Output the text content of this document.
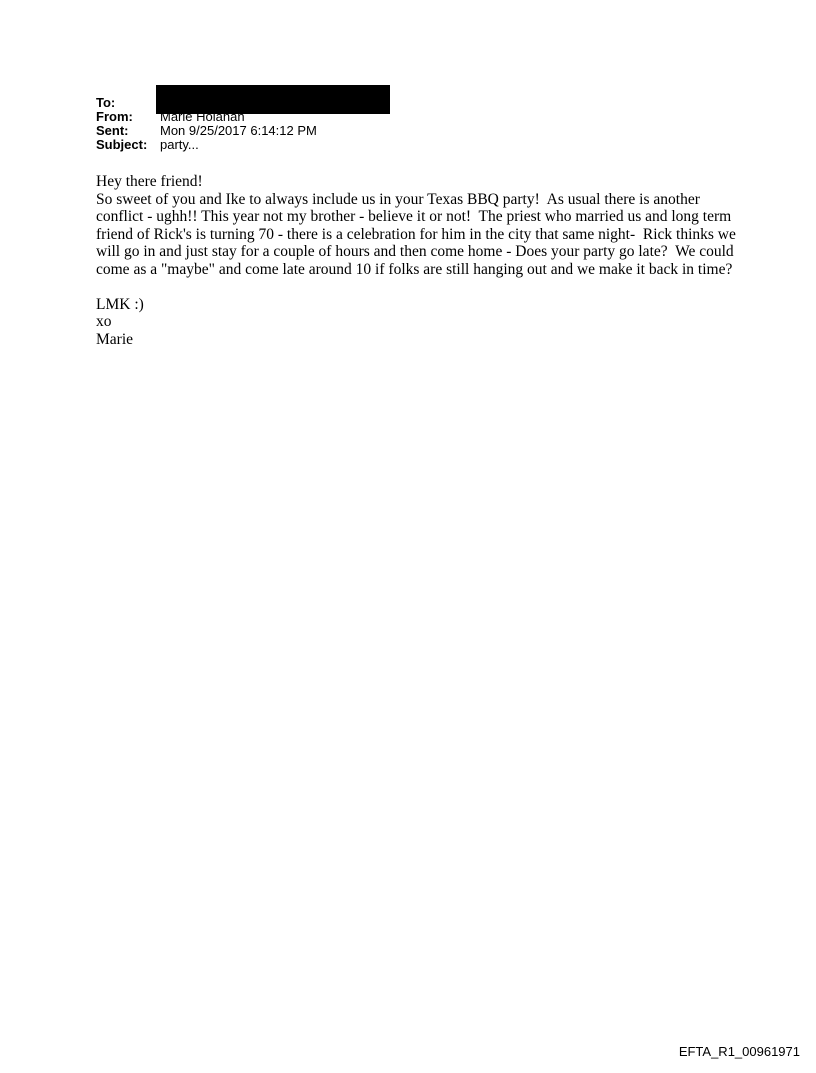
To:
From:	Marie Holahan
Sent:	Mon 9/25/2017 6:14:12 PM
Subject: party...

Hey there friend!

So sweet of you and Ike to always include us in your Texas BBQ party!  As usual there is another conflict - ughh!! This year not my brother - believe it or not!  The priest who married us and long term friend of Rick's is turning 70 - there is a celebration for him in the city that same night-  Rick thinks we will go in and just stay for a couple of hours and then come home - Does your party go late?  We could come as a "maybe" and come late around 10 if folks are still hanging out and we make it back in time?

LMK :)

xo

Marie

EFTA_R1_00961971
